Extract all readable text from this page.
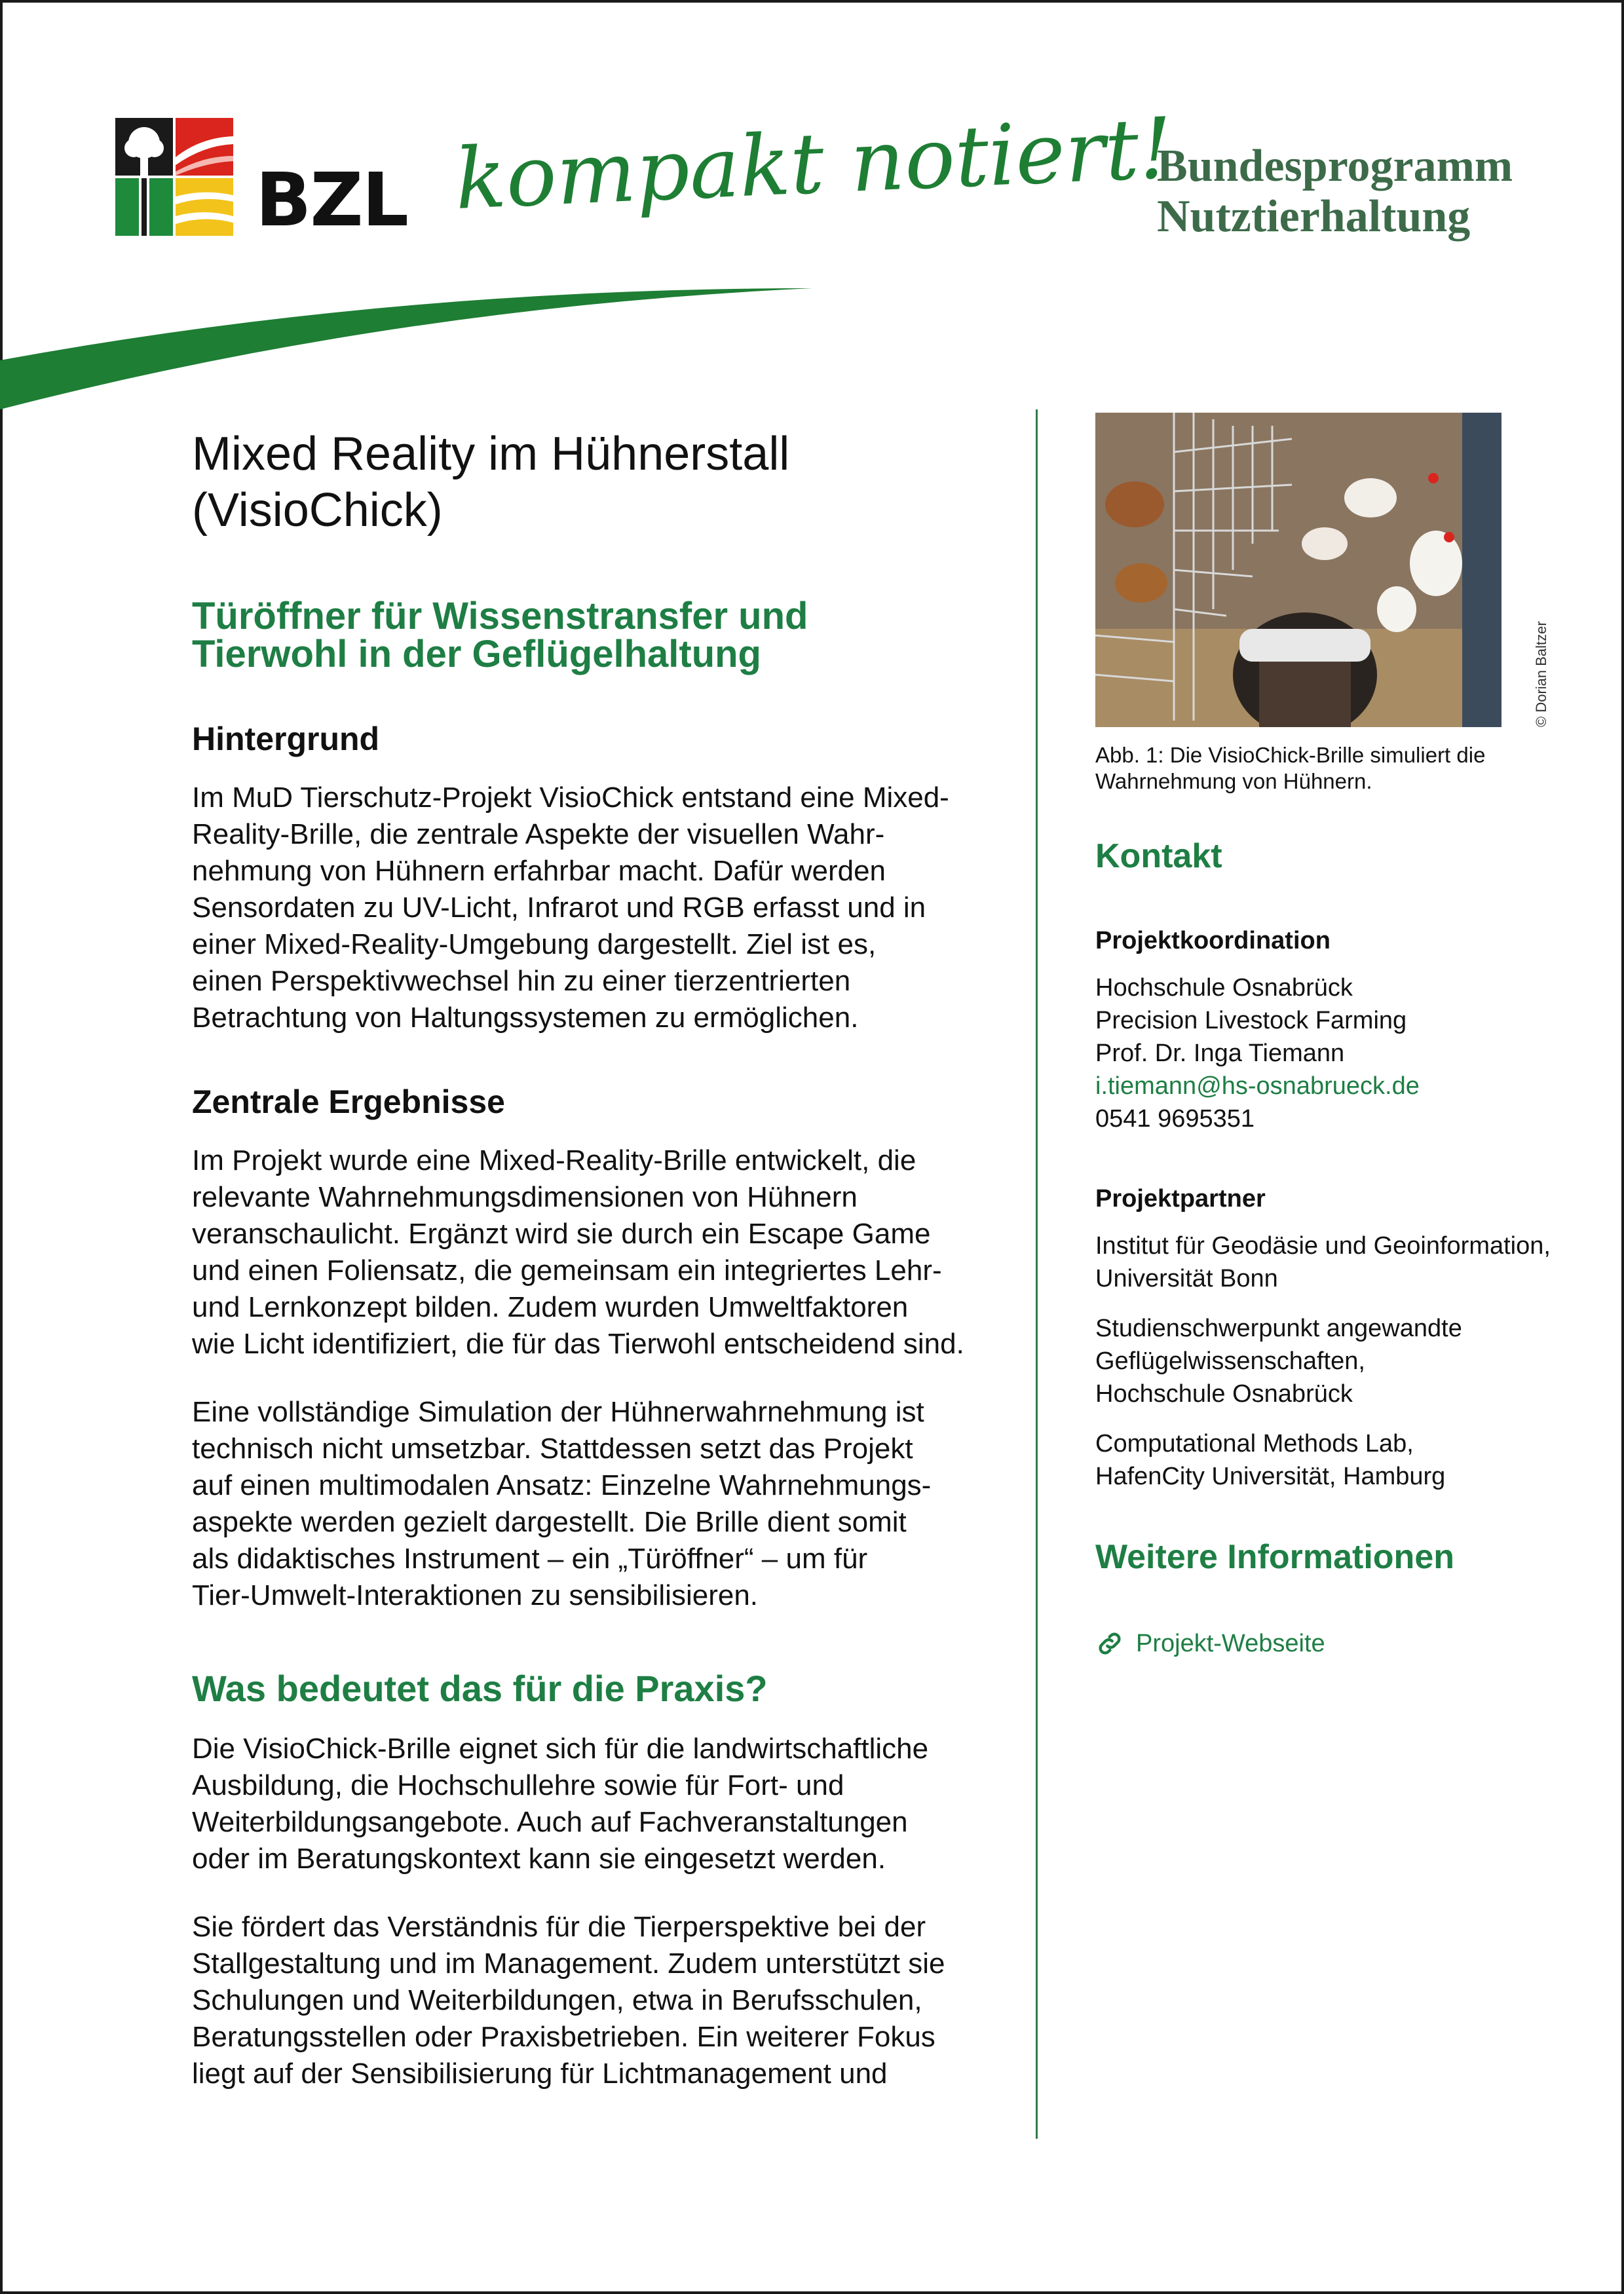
BZL kompakt notiert!
Bundesprogramm
Nutztierhaltung
Mixed Reality im Hühnerstall
(VisioChick)
Türöffner für Wissenstransfer und
Tierwohl in der Geflügelhaltung
Hintergrund
Im MuD Tierschutz-Projekt VisioChick entstand eine Mixed-
Reality-Brille, die zentrale Aspekte der visuellen Wahr-
nehmung von Hühnern erfahrbar macht. Dafür werden
Sensordaten zu UV-Licht, Infrarot und RGB erfasst und in
einer Mixed-Reality-Umgebung dargestellt. Ziel ist es,
einen Perspektivwechsel hin zu einer tierzentrierten
Betrachtung von Haltungssystemen zu ermöglichen.
Zentrale Ergebnisse
Im Projekt wurde eine Mixed-Reality-Brille entwickelt, die
relevante Wahrnehmungsdimensionen von Hühnern
veranschaulicht. Ergänzt wird sie durch ein Escape Game
und einen Foliensatz, die gemeinsam ein integriertes Lehr-
und Lernkonzept bilden. Zudem wurden Umweltfaktoren
wie Licht identifiziert, die für das Tierwohl entscheidend sind.
Eine vollständige Simulation der Hühnerwahrnehmung ist
technisch nicht umsetzbar. Stattdessen setzt das Projekt
auf einen multimodalen Ansatz: Einzelne Wahrnehmungs-
aspekte werden gezielt dargestellt. Die Brille dient somit
als didaktisches Instrument – ein „Türöffner“ – um für
Tier-Umwelt-Interaktionen zu sensibilisieren.
Was bedeutet das für die Praxis?
Die VisioChick-Brille eignet sich für die landwirtschaftliche
Ausbildung, die Hochschullehre sowie für Fort- und
Weiterbildungsangebote. Auch auf Fachveranstaltungen
oder im Beratungskontext kann sie eingesetzt werden.
Sie fördert das Verständnis für die Tierperspektive bei der
Stallgestaltung und im Management. Zudem unterstützt sie
Schulungen und Weiterbildungen, etwa in Berufsschulen,
Beratungsstellen oder Praxisbetrieben. Ein weiterer Fokus
liegt auf der Sensibilisierung für Lichtmanagement und
© Dorian Baltzer
Abb. 1: Die VisioChick-Brille simuliert die
Wahrnehmung von Hühnern.
Kontakt
Projektkoordination
Hochschule Osnabrück
Precision Livestock Farming
Prof. Dr. Inga Tiemann
i.tiemann@hs-osnabrueck.de
0541 9695351
Projektpartner
Institut für Geodäsie und Geoinformation,
Universität Bonn
Studienschwerpunkt angewandte
Geflügelwissenschaften,
Hochschule Osnabrück
Computational Methods Lab,
HafenCity Universität, Hamburg
Weitere Informationen
Projekt-Webseite
